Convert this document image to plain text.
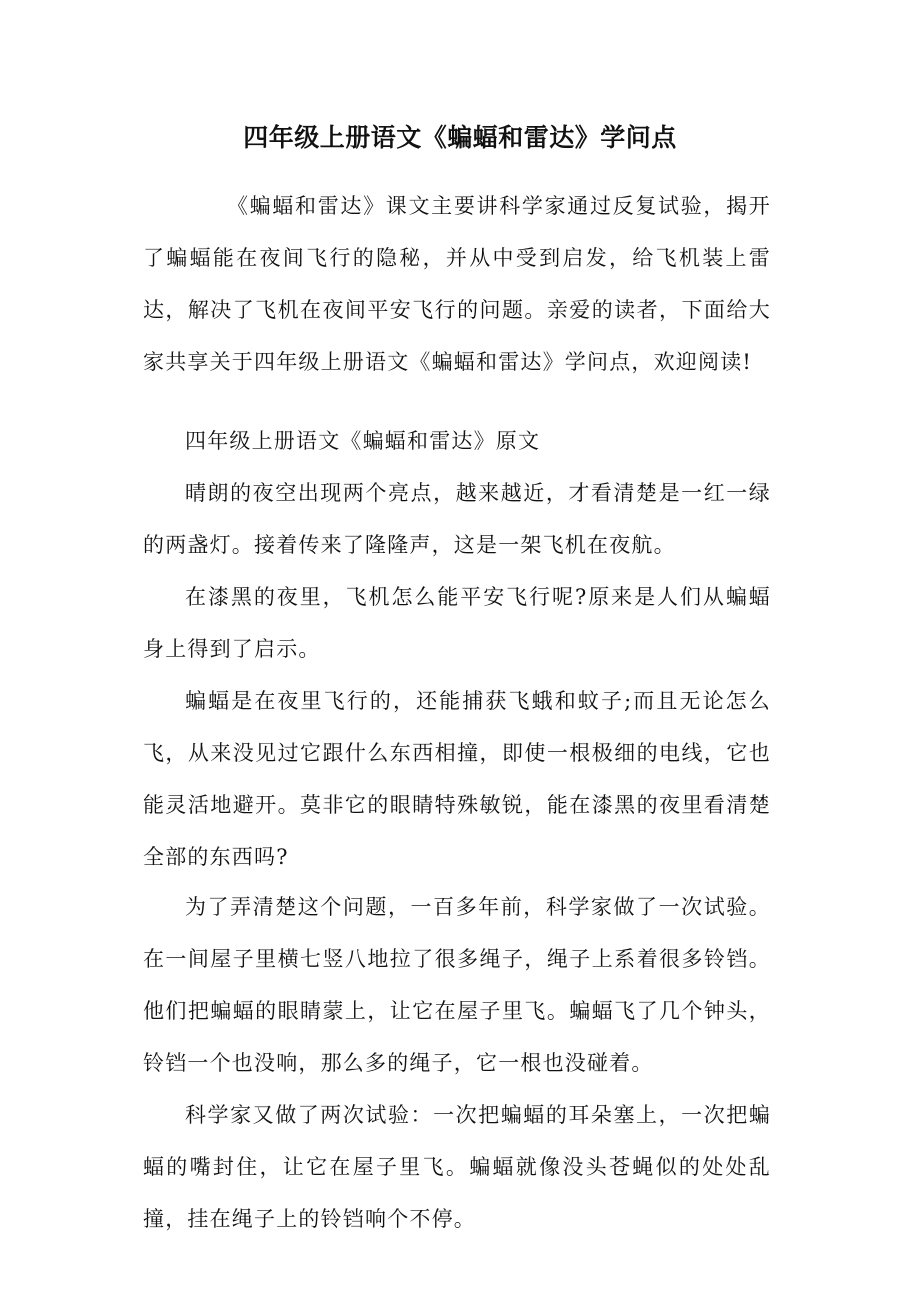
四年级上册语文《蝙蝠和雷达》学问点

《蝙蝠和雷达》课文主要讲科学家通过反复试验，揭开了蝙蝠能在夜间飞行的隐秘，并从中受到启发，给飞机装上雷达，解决了飞机在夜间平安飞行的问题。亲爱的读者，下面给大家共享关于四年级上册语文《蝙蝠和雷达》学问点，欢迎阅读!

四年级上册语文《蝙蝠和雷达》原文

晴朗的夜空出现两个亮点，越来越近，才看清楚是一红一绿的两盏灯。接着传来了隆隆声，这是一架飞机在夜航。

在漆黑的夜里，飞机怎么能平安飞行呢?原来是人们从蝙蝠身上得到了启示。

蝙蝠是在夜里飞行的，还能捕获飞蛾和蚊子;而且无论怎么飞，从来没见过它跟什么东西相撞，即使一根极细的电线，它也能灵活地避开。莫非它的眼睛特殊敏锐，能在漆黑的夜里看清楚全部的东西吗?

为了弄清楚这个问题，一百多年前，科学家做了一次试验。在一间屋子里横七竖八地拉了很多绳子，绳子上系着很多铃铛。他们把蝙蝠的眼睛蒙上，让它在屋子里飞。蝙蝠飞了几个钟头，铃铛一个也没响，那么多的绳子，它一根也没碰着。

科学家又做了两次试验：一次把蝙蝠的耳朵塞上，一次把蝙蝠的嘴封住，让它在屋子里飞。蝙蝠就像没头苍蝇似的处处乱撞，挂在绳子上的铃铛响个不停。
